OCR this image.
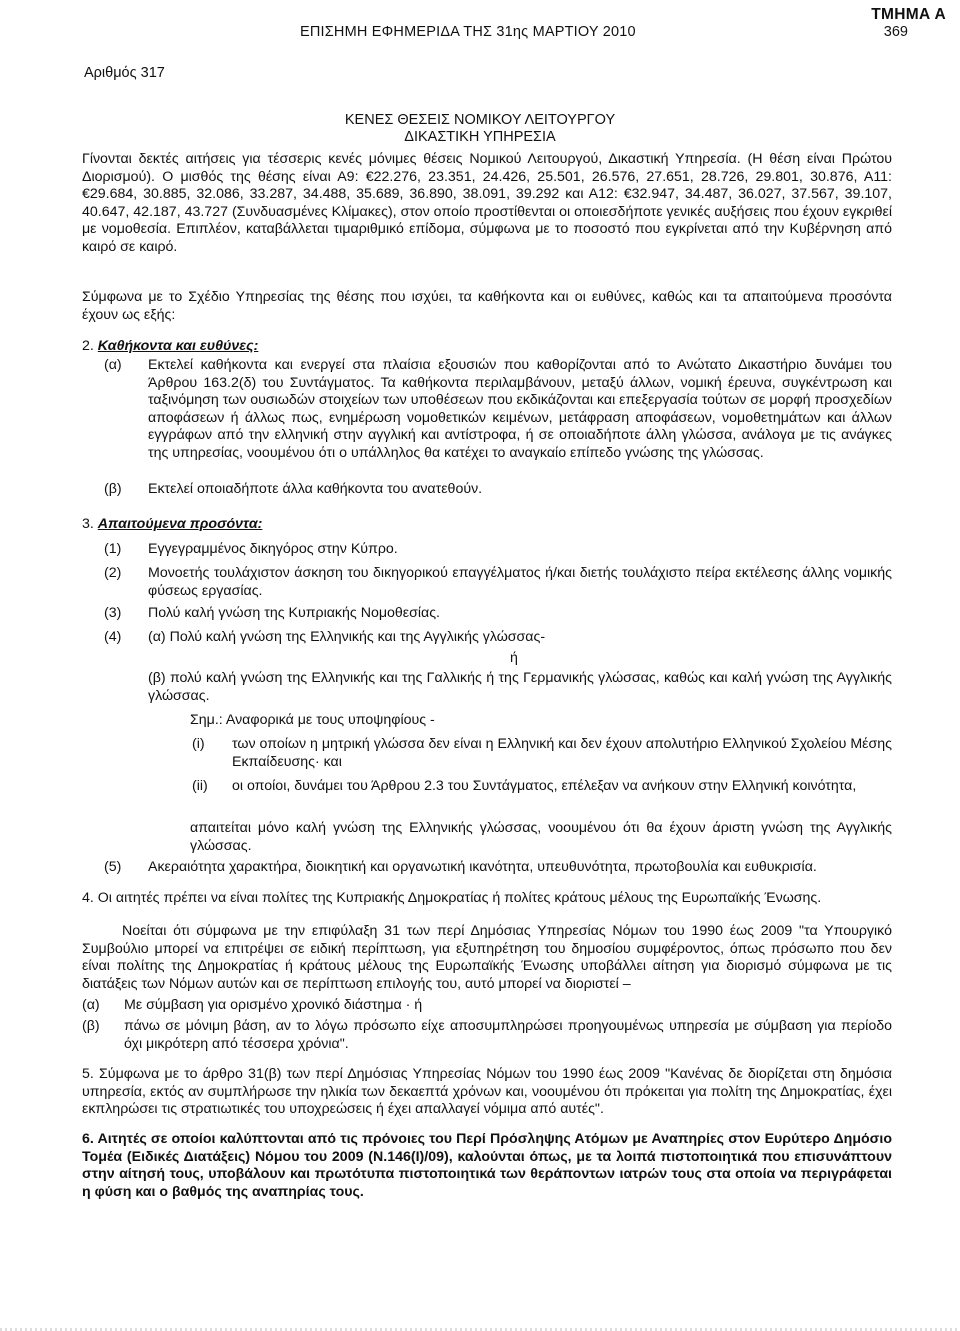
ΤΜΗΜΑ Α
ΕΠΙΣΗΜΗ ΕΦΗΜΕΡΙΔΑ ΤΗΣ 31ης ΜΑΡΤΙΟΥ 2010	369
Αριθμός 317
ΚΕΝΕΣ ΘΕΣΕΙΣ ΝΟΜΙΚΟΥ ΛΕΙΤΟΥΡΓΟΥ
ΔΙΚΑΣΤΙΚΗ ΥΠΗΡΕΣΙΑ
Γίνονται δεκτές αιτήσεις για τέσσερις κενές μόνιμες θέσεις Νομικού Λειτουργού, Δικαστική Υπηρεσία. (Η θέση είναι Πρώτου Διορισμού). Ο μισθός της θέσης είναι Α9: €22.276, 23.351, 24.426, 25.501, 26.576, 27.651, 28.726, 29.801, 30.876, Α11: €29.684, 30.885, 32.086, 33.287, 34.488, 35.689, 36.890, 38.091, 39.292 και Α12: €32.947, 34.487, 36.027, 37.567, 39.107, 40.647, 42.187, 43.727 (Συνδυασμένες Κλίμακες), στον οποίο προστίθενται οι οποιεσδήποτε γενικές αυξήσεις που έχουν εγκριθεί με νομοθεσία. Επιπλέον, καταβάλλεται τιμαριθμικό επίδομα, σύμφωνα με το ποσοστό που εγκρίνεται από την Κυβέρνηση από καιρό σε καιρό.
Σύμφωνα με το Σχέδιο Υπηρεσίας της θέσης που ισχύει, τα καθήκοντα και οι ευθύνες, καθώς και τα απαιτούμενα προσόντα έχουν ως εξής:
2. Καθήκοντα και ευθύνες:
(α) Εκτελεί καθήκοντα και ενεργεί στα πλαίσια εξουσιών που καθορίζονται από το Ανώτατο Δικαστήριο δυνάμει του Άρθρου 163.2(δ) του Συντάγματος. Τα καθήκοντα περιλαμβάνουν, μεταξύ άλλων, νομική έρευνα, συγκέντρωση και ταξινόμηση των ουσιωδών στοιχείων των υποθέσεων που εκδικάζονται και επεξεργασία τούτων σε μορφή προσχεδίων αποφάσεων ή άλλως πως, ενημέρωση νομοθετικών κειμένων, μετάφραση αποφάσεων, νομοθετημάτων και άλλων εγγράφων από την ελληνική στην αγγλική και αντίστροφα, ή σε οποιαδήποτε άλλη γλώσσα, ανάλογα με τις ανάγκες της υπηρεσίας, νοουμένου ότι ο υπάλληλος θα κατέχει το αναγκαίο επίπεδο γνώσης της γλώσσας.
(β) Εκτελεί οποιαδήποτε άλλα καθήκοντα του ανατεθούν.
3. Απαιτούμενα προσόντα:
(1) Εγγεγραμμένος δικηγόρος στην Κύπρο.
(2) Μονοετής τουλάχιστον άσκηση του δικηγορικού επαγγέλματος ή/και διετής τουλάχιστο πείρα εκτέλεσης άλλης νομικής φύσεως εργασίας.
(3) Πολύ καλή γνώση της Κυπριακής Νομοθεσίας.
(4) (α) Πολύ καλή γνώση της Ελληνικής και της Αγγλικής γλώσσας-
ή
(β) πολύ καλή γνώση της Ελληνικής και της Γαλλικής ή της Γερμανικής γλώσσας, καθώς και καλή γνώση της Αγγλικής γλώσσας.
Σημ.: Αναφορικά με τους υποψηφίους -
(i) των οποίων η μητρική γλώσσα δεν είναι η Ελληνική και δεν έχουν απολυτήριο Ελληνικού Σχολείου Μέσης Εκπαίδευσης· και
(ii) οι οποίοι, δυνάμει του Άρθρου 2.3 του Συντάγματος, επέλεξαν να ανήκουν στην Ελληνική κοινότητα,
απαιτείται μόνο καλή γνώση της Ελληνικής γλώσσας, νοουμένου ότι θα έχουν άριστη γνώση της Αγγλικής γλώσσας.
(5) Ακεραιότητα χαρακτήρα, διοικητική και οργανωτική ικανότητα, υπευθυνότητα, πρωτοβουλία και ευθυκρισία.
4. Οι αιτητές πρέπει να είναι πολίτες της Κυπριακής Δημοκρατίας ή πολίτες κράτους μέλους της Ευρωπαϊκής Ένωσης.
Νοείται ότι σύμφωνα με την επιφύλαξη 31 των περί Δημόσιας Υπηρεσίας Νόμων του 1990 έως 2009 "τα Υπουργικό Συμβούλιο μπορεί να επιτρέψει σε ειδική περίπτωση, για εξυπηρέτηση του δημοσίου συμφέροντος, όπως πρόσωπο που δεν είναι πολίτης της Δημοκρατίας ή κράτους μέλους της Ευρωπαϊκής Ένωσης υποβάλλει αίτηση για διορισμό σύμφωνα με τις διατάξεις των Νόμων αυτών και σε περίπτωση επιλογής του, αυτό μπορεί να διοριστεί –
(α) Με σύμβαση για ορισμένο χρονικό διάστημα · ή
(β) πάνω σε μόνιμη βάση, αν το λόγω πρόσωπο είχε αποσυμπληρώσει προηγουμένως υπηρεσία με σύμβαση για περίοδο όχι μικρότερη από τέσσερα χρόνια".
5. Σύμφωνα με το άρθρο 31(β) των περί Δημόσιας Υπηρεσίας Νόμων του 1990 έως 2009 "Κανένας δε διορίζεται στη δημόσια υπηρεσία, εκτός αν συμπλήρωσε την ηλικία των δεκαεπτά χρόνων και, νοουμένου ότι πρόκειται για πολίτη της Δημοκρατίας, έχει εκπληρώσει τις στρατιωτικές του υποχρεώσεις ή έχει απαλλαγεί νόμιμα από αυτές".
6. Αιτητές σε οποίοι καλύπτονται από τις πρόνοιες του Περί Πρόσληψης Ατόμων με Αναπηρίες στον Ευρύτερο Δημόσιο Τομέα (Ειδικές Διατάξεις) Νόμου του 2009 (Ν.146(Ι)/09), καλούνται όπως, με τα λοιπά πιστοποιητικά που επισυνάπτουν στην αίτησή τους, υποβάλουν και πρωτότυπα πιστοποιητικά των θεράποντων ιατρών τους στα οποία να περιγράφεται η φύση και ο βαθμός της αναπηρίας τους.
